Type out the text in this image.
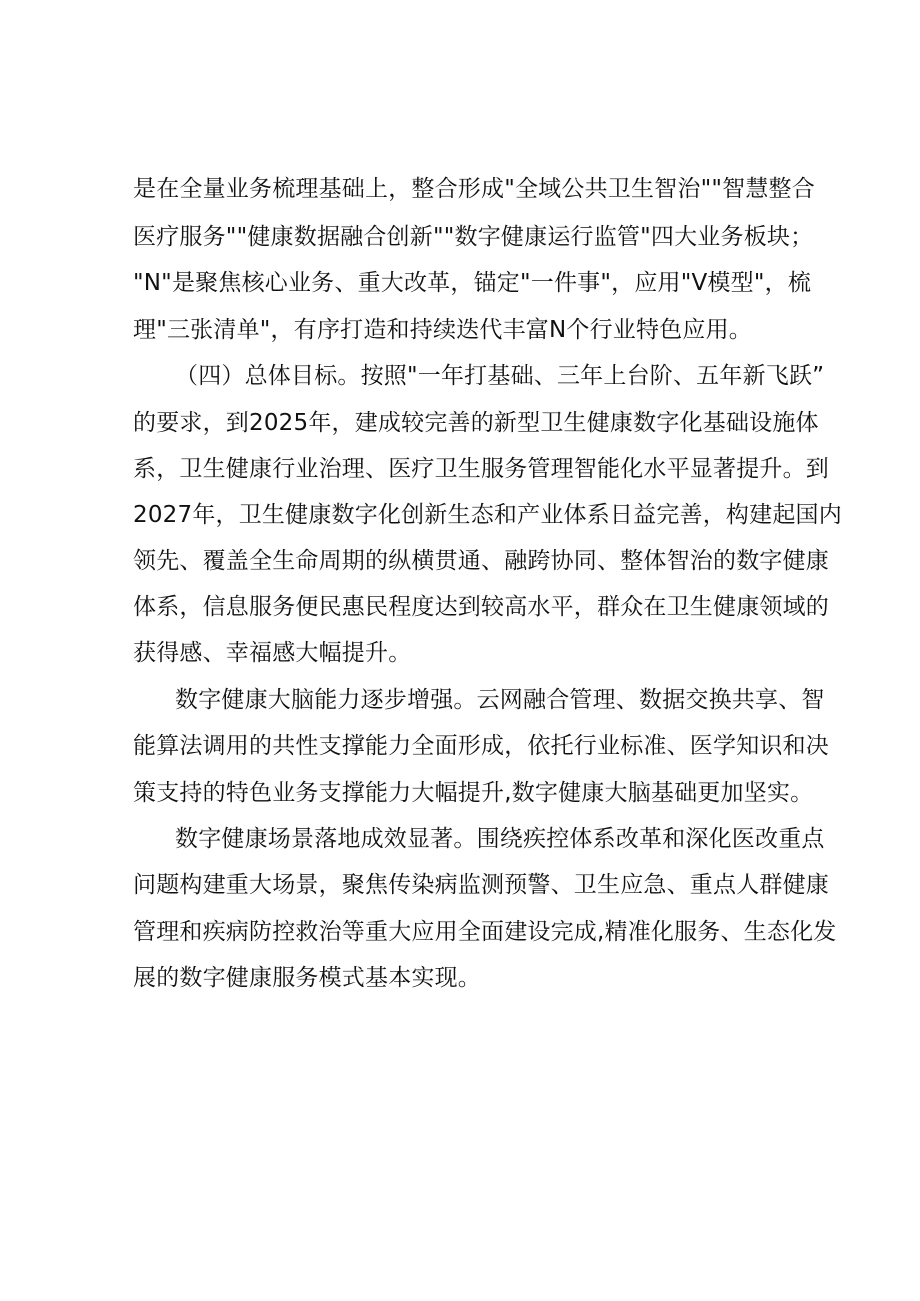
是在全量业务梳理基础上，整合形成"全域公共卫生智治""智慧整合
医疗服务""健康数据融合创新""数字健康运行监管"四大业务板块；
"N"是聚焦核心业务、重大改革，锚定"一件事"，应用"V模型"，梳
理"三张清单"，有序打造和持续迭代丰富N个行业特色应用。
（四）总体目标。按照"一年打基础、三年上台阶、五年新飞跃”
的要求，到2025年，建成较完善的新型卫生健康数字化基础设施体
系，卫生健康行业治理、医疗卫生服务管理智能化水平显著提升。到
2027年，卫生健康数字化创新生态和产业体系日益完善，构建起国内
领先、覆盖全生命周期的纵横贯通、融跨协同、整体智治的数字健康
体系，信息服务便民惠民程度达到较高水平，群众在卫生健康领域的
获得感、幸福感大幅提升。
数字健康大脑能力逐步增强。云网融合管理、数据交换共享、智
能算法调用的共性支撑能力全面形成，依托行业标准、医学知识和决
策支持的特色业务支撑能力大幅提升,数字健康大脑基础更加坚实。
数字健康场景落地成效显著。围绕疾控体系改革和深化医改重点
问题构建重大场景，聚焦传染病监测预警、卫生应急、重点人群健康
管理和疾病防控救治等重大应用全面建设完成,精准化服务、生态化发
展的数字健康服务模式基本实现。
